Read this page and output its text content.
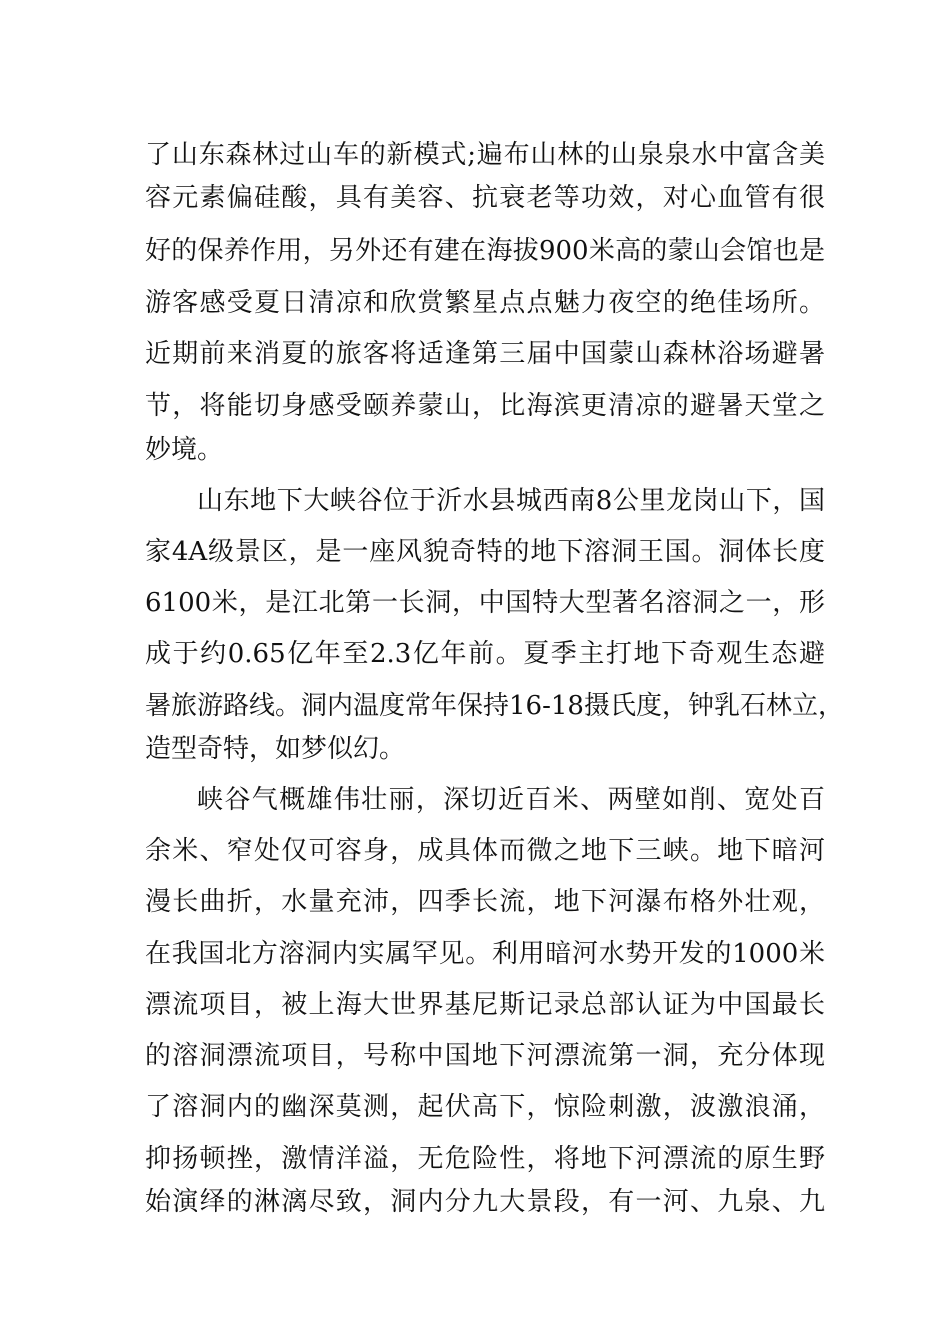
了山东森林过山车的新模式;遍布山林的山泉泉水中富含美
容元素偏硅酸，具有美容、抗衰老等功效，对心血管有很
好的保养作用，另外还有建在海拔900米高的蒙山会馆也是
游客感受夏日清凉和欣赏繁星点点魅力夜空的绝佳场所。
近期前来消夏的旅客将适逢第三届中国蒙山森林浴场避暑
节，将能切身感受颐养蒙山，比海滨更清凉的避暑天堂之
妙境。
山东地下大峡谷位于沂水县城西南8公里龙岗山下，国
家4A级景区，是一座风貌奇特的地下溶洞王国。洞体长度
6100米，是江北第一长洞，中国特大型著名溶洞之一，形
成于约0.65亿年至2.3亿年前。夏季主打地下奇观生态避
暑旅游路线。洞内温度常年保持16-18摄氏度，钟乳石林立，
造型奇特，如梦似幻。
峡谷气概雄伟壮丽，深切近百米、两壁如削、宽处百
余米、窄处仅可容身，成具体而微之地下三峡。地下暗河
漫长曲折，水量充沛，四季长流，地下河瀑布格外壮观，
在我国北方溶洞内实属罕见。利用暗河水势开发的1000米
漂流项目，被上海大世界基尼斯记录总部认证为中国最长
的溶洞漂流项目，号称中国地下河漂流第一洞，充分体现
了溶洞内的幽深莫测，起伏高下，惊险刺激，波激浪涌，
抑扬顿挫，激情洋溢，无危险性，将地下河漂流的原生野
始演绎的淋漓尽致，洞内分九大景段，有一河、九泉、九
